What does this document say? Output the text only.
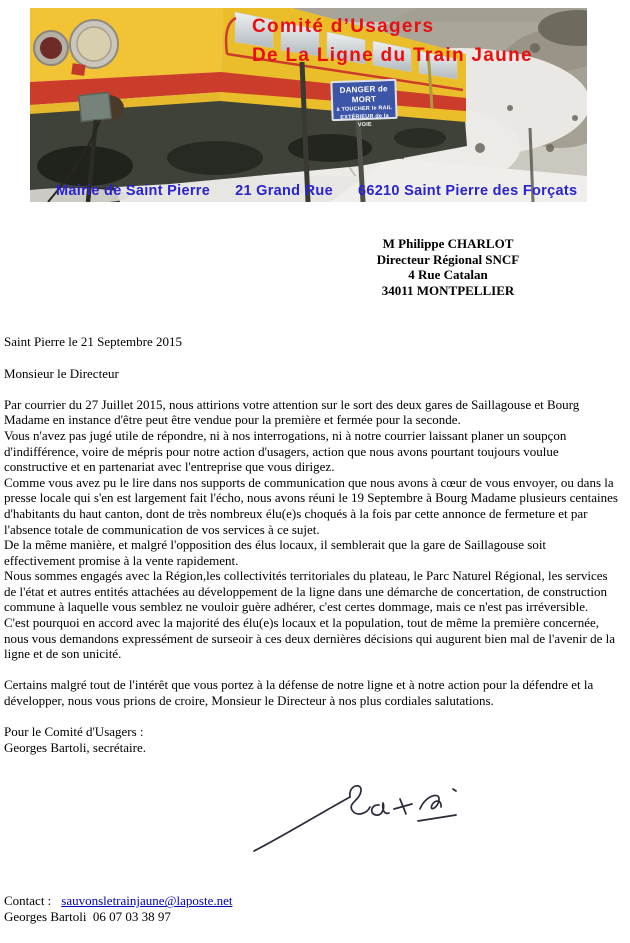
Comité d’Usagers
De La Ligne du Train Jaune
DANGER de MORT
à TOUCHER le RAIL
EXTÉRIEUR de la VOIE
Mairie de Saint Pierre 21 Grand Rue 66210 Saint Pierre des Forçats
M Philippe CHARLOT
Directeur Régional SNCF
4 Rue Catalan
34011 MONTPELLIER
Saint Pierre le 21 Septembre 2015
Monsieur le Directeur
Par courrier du 27 Juillet 2015, nous attirions votre attention sur le sort des deux gares de Saillagouse et Bourg Madame en instance d'être peut être vendue pour la première et fermée pour la seconde.
Vous n'avez pas jugé utile de répondre, ni à nos interrogations, ni à notre courrier laissant planer un soupçon d'indifférence, voire de mépris pour notre action d'usagers, action que nous avons pourtant toujours voulue constructive et en partenariat avec l'entreprise que vous dirigez.
Comme vous avez pu le lire dans nos supports de communication que nous avons à cœur de vous envoyer, ou dans la presse locale qui s'en est largement fait l'écho, nous avons réuni le 19 Septembre à Bourg Madame plusieurs centaines d'habitants du haut canton, dont de très nombreux élu(e)s choqués à la fois par cette annonce de fermeture et par l'absence totale de communication de vos services à ce sujet.
De la même manière, et malgré l'opposition des élus locaux, il semblerait que la gare de Saillagouse soit effectivement promise à la vente rapidement.
Nous sommes engagés avec la Région,les collectivités territoriales du plateau, le Parc Naturel Régional, les services de l'état et autres entités attachées au développement de la ligne dans une démarche de concertation, de construction commune à laquelle vous semblez ne vouloir guère adhérer, c'est certes dommage, mais ce n'est pas irréversible.
C'est pourquoi en accord avec la majorité des élu(e)s locaux et la population, tout de même la première concernée, nous vous demandons expressément de surseoir à ces deux dernières décisions qui augurent bien mal de l'avenir de la ligne et de son unicité.
Certains malgré tout de l'intérêt que vous portez à la défense de notre ligne et à notre action pour la défendre et la développer, nous vous prions de croire, Monsieur le Directeur à nos plus cordiales salutations.
Pour le Comité d'Usagers :
Georges Bartoli, secrétaire.
Contact : sauvonsletrainjaune@laposte.net
Georges Bartoli  06 07 03 38 97
